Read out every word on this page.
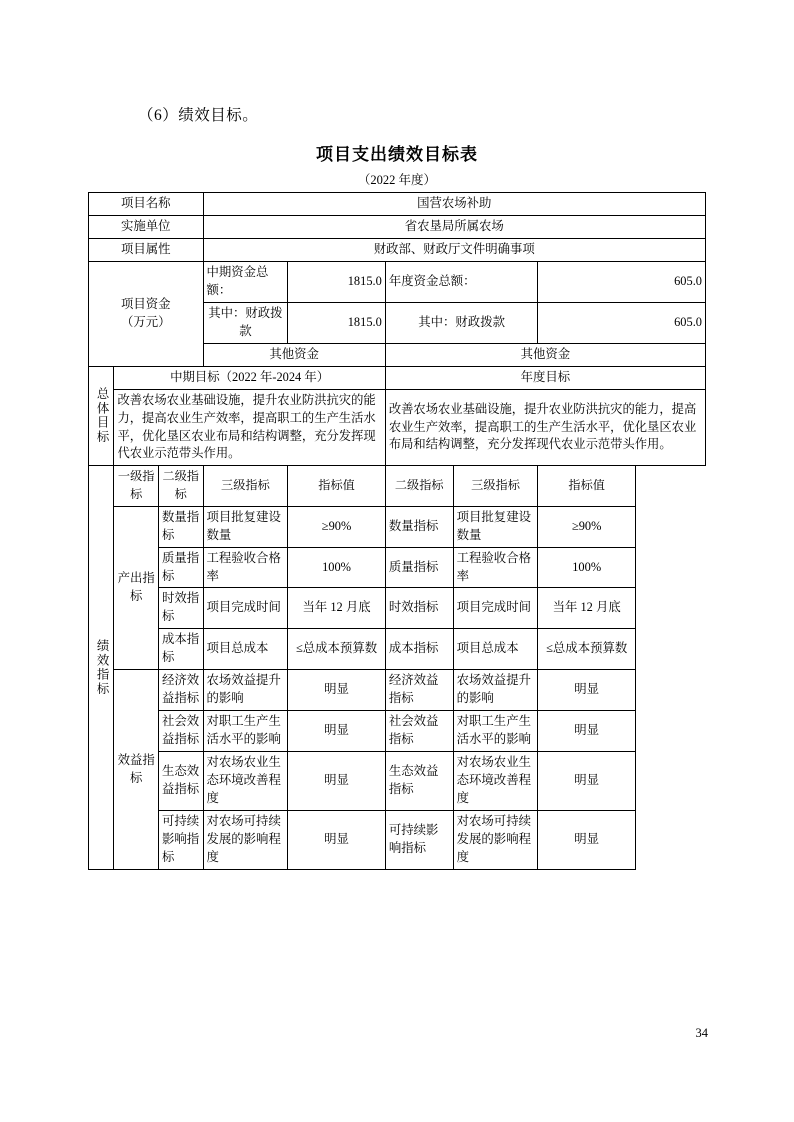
（6）绩效目标。
项目支出绩效目标表
（2022 年度）
项目名称			国营农场补助				
实施单位			省农垦局所属农场				
项目属性			财政部、财政厅文件明确事项				

项目资金
（万元）			中期资金总额：	1815.0	年度资金总额：		605.0
			其中：财政拨款	1815.0	其中：财政拨款		605.0
			其他资金		其他资金		

总体目标	中期目标（2022 年-2024 年）				年度目标		
	改善农场农业基础设施，提升农业防洪抗灾的能力，提高农业生产效率，提高职工的生产生活水平，优化垦区农业布局和结构调整，充分发挥现代农业示范带头作用。				改善农场农业基础设施，提升农业防洪抗灾的能力，提高农业生产效率，提高职工的生产生活水平，优化垦区农业布局和结构调整，充分发挥现代农业示范带头作用。		

绩效指标	一级指标	二级指标	三级指标	指标值	二级指标	三级指标	指标值

	产出指标	数量指标	项目批复建设数量	≥90%	数量指标	项目批复建设数量	≥90%
		质量指标	工程验收合格率	100%	质量指标	工程验收合格率	100%
		时效指标	项目完成时间	当年 12 月底	时效指标	项目完成时间	当年 12 月底
		成本指标	项目总成本	≤总成本预算数	成本指标	项目总成本	≤总成本预算数

	效益指标	经济效益指标	农场效益提升的影响	明显	经济效益指标	农场效益提升的影响	明显
		社会效益指标	对职工生产生活水平的影响	明显	社会效益指标	对职工生产生活水平的影响	明显
		生态效益指标	对农场农业生态环境改善程度	明显	生态效益指标	对农场农业生态环境改善程度	明显
		可持续影响指标	对农场可持续发展的影响程度	明显	可持续影响指标	对农场可持续发展的影响程度	明显
34
